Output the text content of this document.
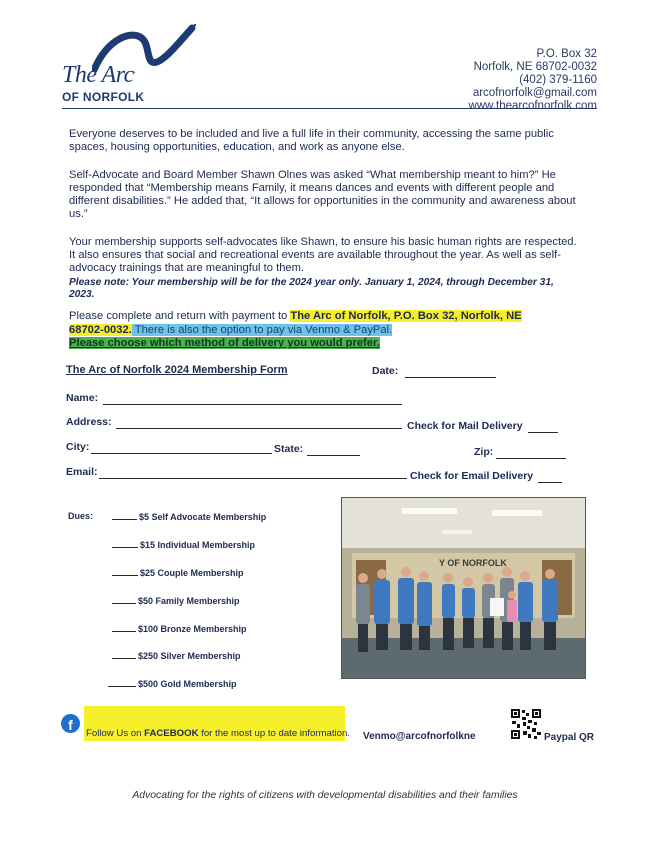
The Arc.
OF NORFOLK
P.O. Box 32
Norfolk, NE 68702-0032
(402) 379-1160
arcofnorfolk@gmail.com
www.thearcofnorfolk.com
Everyone deserves to be included and live a full life in their community, accessing the same public spaces, housing opportunities, education, and work as anyone else.
Self-Advocate and Board Member Shawn Olnes was asked “What membership meant to him?” He responded that “Membership means Family, it means dances and events with different people and different disabilities.” He added that, “It allows for opportunities in the community and awareness about us.”
Your membership supports self-advocates like Shawn, to ensure his basic human rights are respected. It also ensures that social and recreational events are available throughout the year. As well as self-advocacy trainings that are meaningful to them.
Please note: Your membership will be for the 2024 year only. January 1, 2024, through December 31, 2023.
Please complete and return with payment to The Arc of Norfolk, P.O. Box 32, Norfolk, NE 68702-0032. There is also the option to pay via Venmo & PayPal.
Please choose which method of delivery you would prefer.
The Arc of Norfolk 2024 Membership Form	Date:
Name:
Address:	Check for Mail Delivery
City:	State:	Zip:
Email:	Check for Email Delivery
Dues:	$5 Self Advocate Membership
$15 Individual Membership
$25 Couple Membership
$50 Family Membership
$100 Bronze Membership
$250 Silver Membership
$500 Gold Membership
Y OF NORFOLK
f
Follow Us on FACEBOOK for the most up to date information. Venmo@arcofnorfolkne	Paypal QR
Advocating for the rights of citizens with developmental disabilities and their families
